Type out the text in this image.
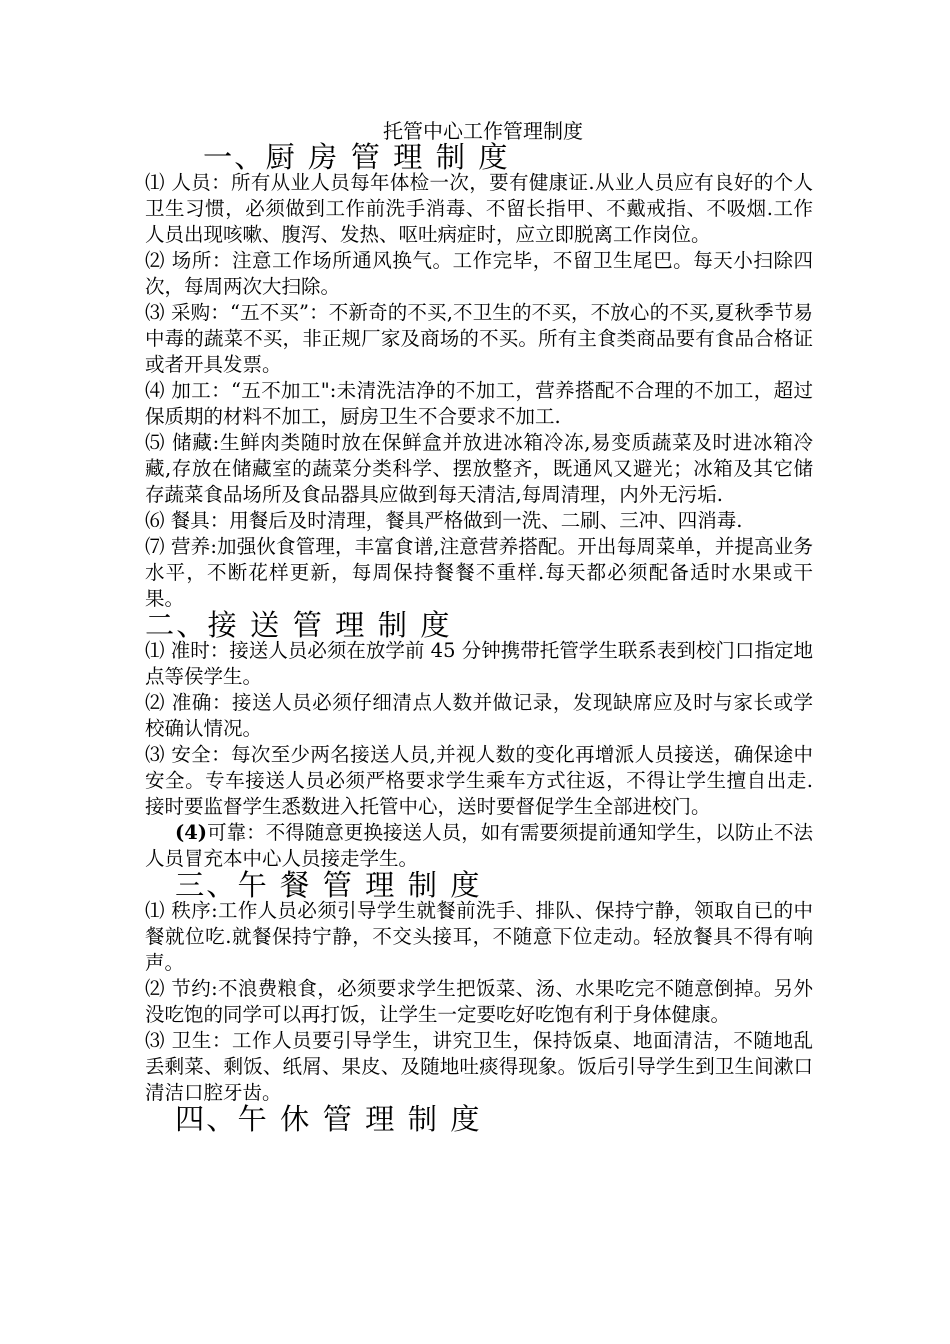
托管中心工作管理制度
一、厨 房 管 理 制 度

⑴ 人员：所有从业人员每年体检一次，要有健康证.从业人员应有良好的个人卫生习惯，必须做到工作前洗手消毒、不留长指甲、不戴戒指、不吸烟.工作人员出现咳嗽、腹泻、发热、呕吐病症时，应立即脱离工作岗位。

⑵ 场所：注意工作场所通风换气。工作完毕，不留卫生尾巴。每天小扫除四次，每周两次大扫除。

⑶ 采购：“五不买”：不新奇的不买,不卫生的不买，不放心的不买,夏秋季节易中毒的蔬菜不买，非正规厂家及商场的不买。所有主食类商品要有食品合格证或者开具发票。

⑷ 加工：“五不加工":未清洗洁净的不加工，营养搭配不合理的不加工，超过保质期的材料不加工，厨房卫生不合要求不加工.

⑸ 储藏:生鲜肉类随时放在保鲜盒并放进冰箱冷冻,易变质蔬菜及时进冰箱冷藏,存放在储藏室的蔬菜分类科学、摆放整齐，既通风又避光；冰箱及其它储存蔬菜食品场所及食品器具应做到每天清洁,每周清理，内外无污垢.

⑹ 餐具：用餐后及时清理，餐具严格做到一洗、二刷、三冲、四消毒.

⑺ 营养:加强伙食管理，丰富食谱,注意营养搭配。开出每周菜单，并提高业务水平，不断花样更新，每周保持餐餐不重样.每天都必须配备适时水果或干果。

二、接 送 管 理 制 度

⑴ 准时：接送人员必须在放学前 45 分钟携带托管学生联系表到校门口指定地点等侯学生。

⑵ 准确：接送人员必须仔细清点人数并做记录，发现缺席应及时与家长或学校确认情况。

⑶ 安全：每次至少两名接送人员,并视人数的变化再增派人员接送，确保途中安全。专车接送人员必须严格要求学生乘车方式往返，不得让学生擅自出走.接时要监督学生悉数进入托管中心，送时要督促学生全部进校门。

(4)可靠：不得随意更换接送人员，如有需要须提前通知学生，以防止不法人员冒充本中心人员接走学生。

三、午 餐 管 理 制 度

⑴ 秩序:工作人员必须引导学生就餐前洗手、排队、保持宁静，领取自已的中餐就位吃.就餐保持宁静，不交头接耳，不随意下位走动。轻放餐具不得有响声。

⑵ 节约:不浪费粮食，必须要求学生把饭菜、汤、水果吃完不随意倒掉。另外没吃饱的同学可以再打饭，让学生一定要吃好吃饱有利于身体健康。

⑶ 卫生：工作人员要引导学生，讲究卫生，保持饭桌、地面清洁，不随地乱丢剩菜、剩饭、纸屑、果皮、及随地吐痰得现象。饭后引导学生到卫生间漱口清洁口腔牙齿。

四、午 休 管 理 制 度
